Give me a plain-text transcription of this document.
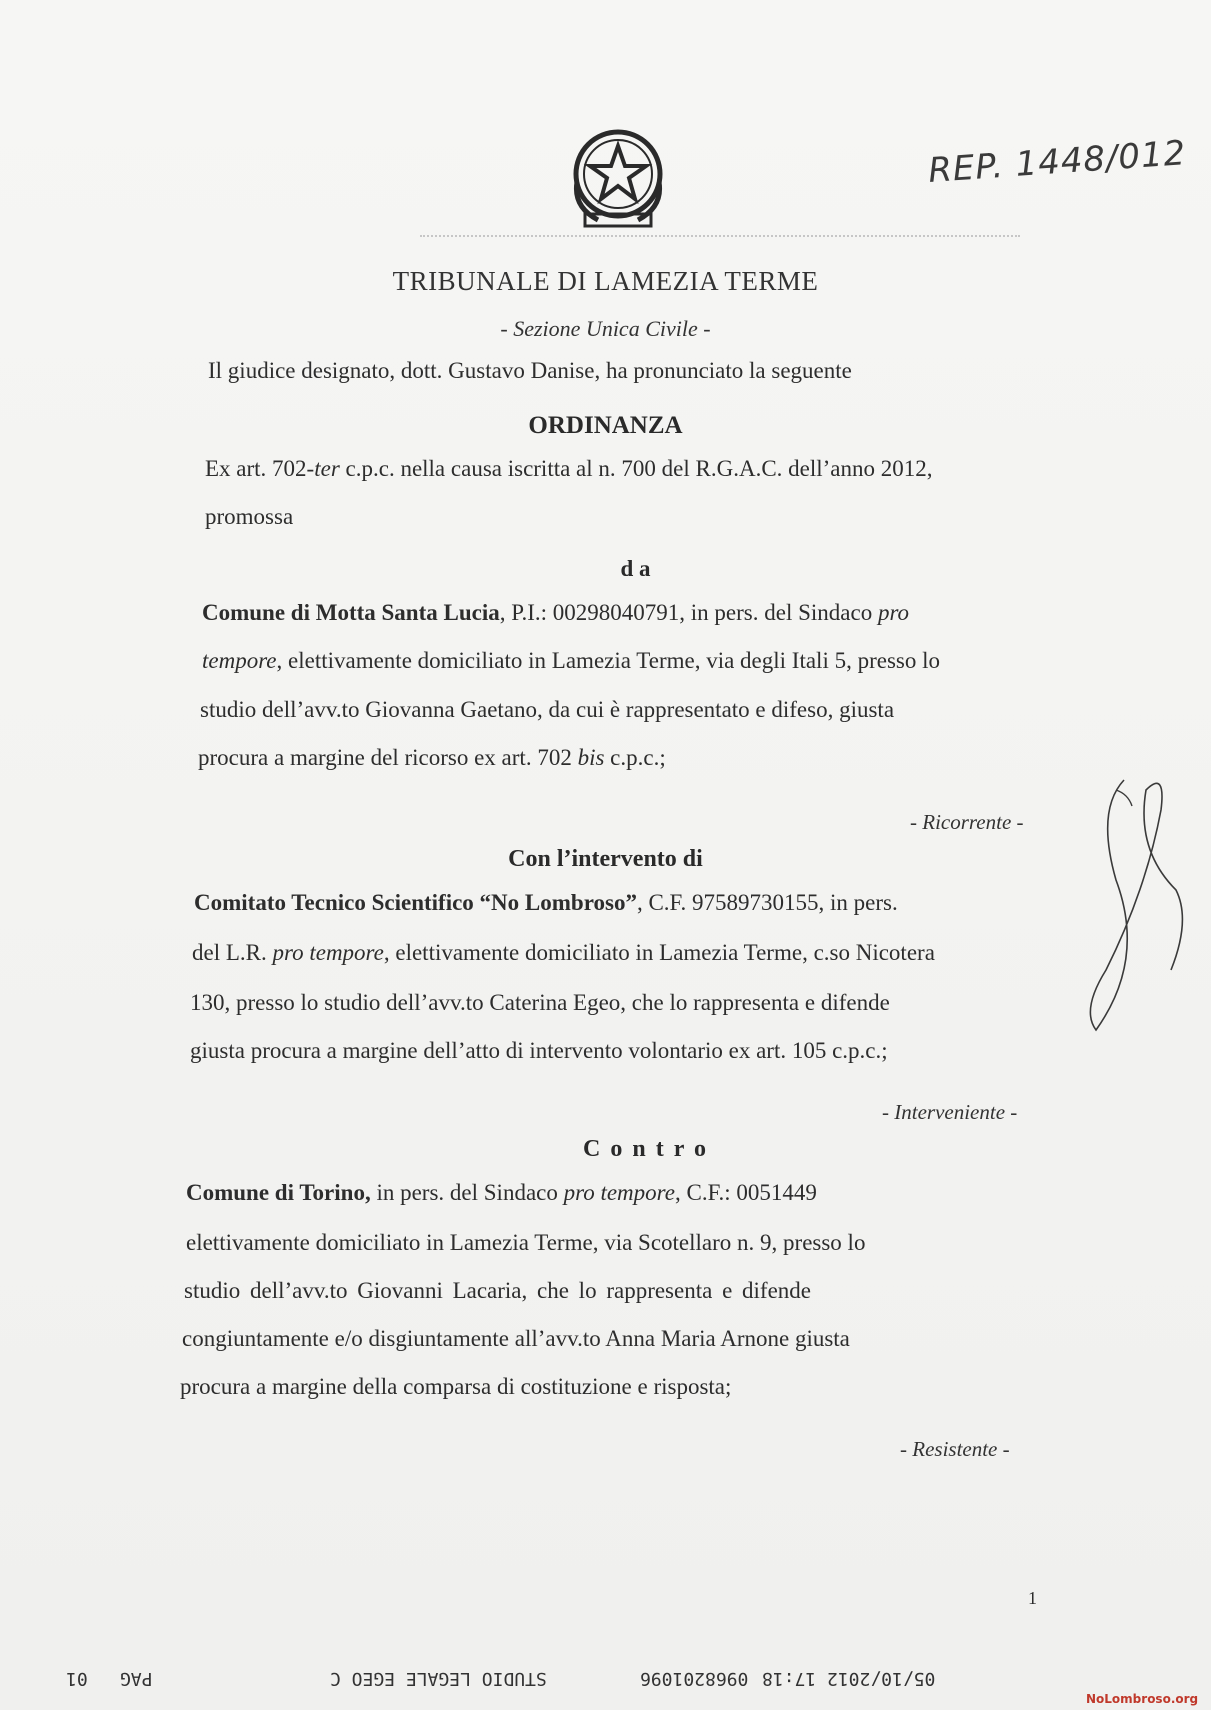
REP. 1448/012
TRIBUNALE DI LAMEZIA TERME
- Sezione Unica Civile -
Il giudice designato, dott. Gustavo Danise, ha pronunciato la seguente
ORDINANZA
Ex art. 702-ter c.p.c. nella causa iscritta al n. 700 del R.G.A.C. dell’anno 2012,
promossa
d a
Comune di Motta Santa Lucia, P.I.: 00298040791, in pers. del Sindaco pro
tempore, elettivamente domiciliato in Lamezia Terme, via degli Itali 5, presso lo
studio dell’avv.to Giovanna Gaetano, da cui è rappresentato e difeso, giusta
procura a margine del ricorso ex art. 702 bis c.p.c.;
- Ricorrente -
Con l’intervento di
Comitato Tecnico Scientifico “No Lombroso”, C.F. 97589730155, in pers.
del L.R. pro tempore, elettivamente domiciliato in Lamezia Terme, c.so Nicotera
130, presso lo studio dell’avv.to Caterina Egeo, che lo rappresenta e difende
giusta procura a margine dell’atto di intervento volontario ex art. 105 c.p.c.;
- Interveniente -
C o n t r o
Comune di Torino, in pers. del Sindaco pro tempore, C.F.: 0051449
elettivamente domiciliato in Lamezia Terme, via Scotellaro n. 9, presso lo
studio dell’avv.to Giovanni Lacaria, che lo rappresenta e difende
congiuntamente e/o disgiuntamente all’avv.to Anna Maria Arnone giusta
procura a margine della comparsa di costituzione e risposta;
- Resistente -
1
05/10/2012 17:18
0968201096
STUDIO LEGALE EGEO C
PAG
01
NoLombroso.org
